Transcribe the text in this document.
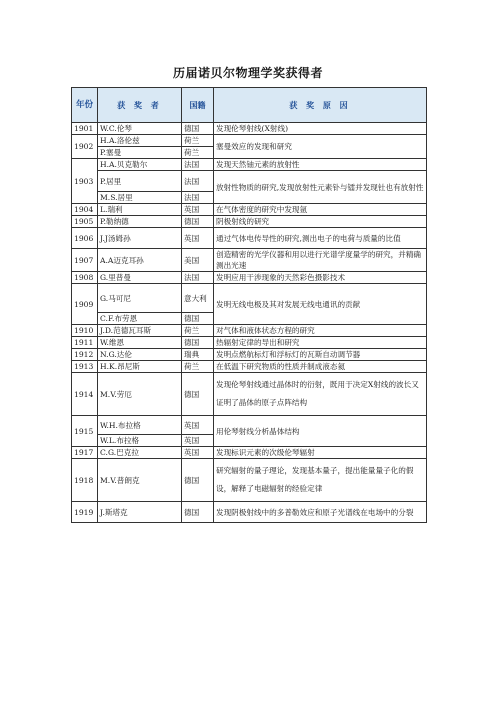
历届诺贝尔物理学奖获得者
年份	获 奖 者	国籍	获 奖 原 因
1901	W.C.伦琴	德国	发现伦琴射线(X射线)
1902	H.A.洛伦兹	荷兰	塞曼效应的发现和研究
	P.塞曼	荷兰	
1903	H.A.贝克勒尔	法国	发现天然铀元素的放射性
	P.居里	法国	放射性物质的研究,发现放射性元素钋与镭并发现钍也有放射性
	M.S.居里	法国	
1904	L.瑞利	英国	在气体密度的研究中发现氩
1905	P.勒纳德	德国	阴极射线的研究
1906	J.J汤姆孙	英国	通过气体电传导性的研究,测出电子的电荷与质量的比值
1907	A.A迈克耳孙	美国	创造精密的光学仪器和用以进行光谱学度量学的研究，并精确测出光速
1908	G.里普曼	法国	发明应用干涉现象的天然彩色摄影技术
1909	G.马可尼	意大利	发明无线电极及其对发展无线电通讯的贡献
	C.F.布劳恩	德国	
1910	J.D.范德瓦耳斯	荷兰	对气体和液体状态方程的研究
1911	W.维恩	德国	热辐射定律的导出和研究
1912	N.G.达伦	瑞典	发明点燃航标灯和浮标灯的瓦斯自动调节器
1913	H.K.昂尼斯	荷兰	在低温下研究物质的性质并制成液态氦
1914	M.V.劳厄	德国	发现伦琴射线通过晶体时的衍射，既用于决定X射线的波长又证明了晶体的原子点阵结构
1915	W.H.布拉格	英国	用伦琴射线分析晶体结构
	W.L.布拉格	英国	
1917	C.G.巴克拉	英国	发现标识元素的次级伦琴辐射
1918	M.V.普朗克	德国	研究辐射的量子理论，发现基本量子，提出能量量子化的假设，解释了电磁辐射的经验定律
1919	J.斯塔克	德国	发现阴极射线中的多普勒效应和原子光谱线在电场中的分裂
